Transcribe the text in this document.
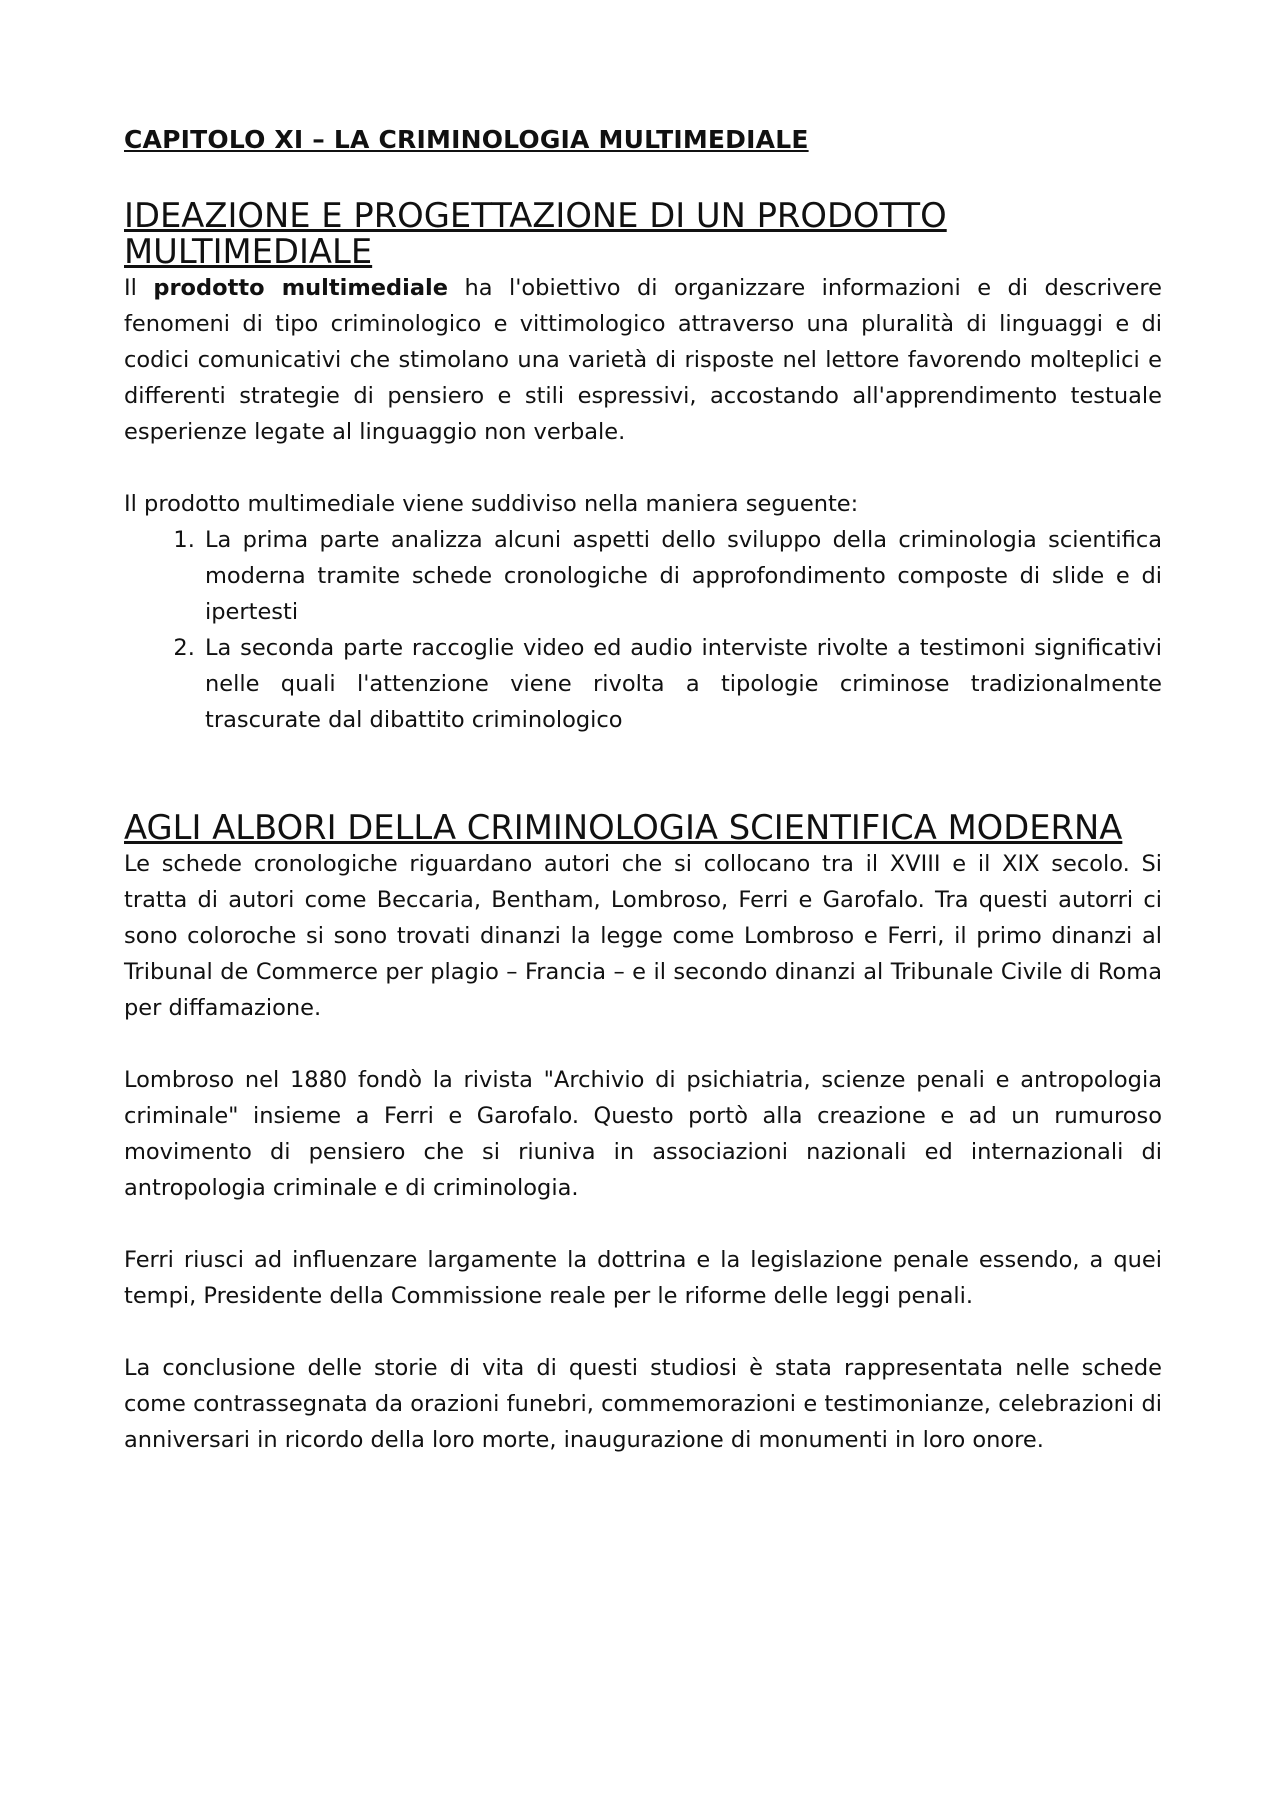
CAPITOLO XI – LA CRIMINOLOGIA MULTIMEDIALE
IDEAZIONE E PROGETTAZIONE DI UN PRODOTTO MULTIMEDIALE

Il prodotto multimediale ha l'obiettivo di organizzare informazioni e di descrivere fenomeni di tipo criminologico e vittimologico attraverso una pluralità di linguaggi e di codici comunicativi che stimolano una varietà di risposte nel lettore favorendo molteplici e differenti strategie di pensiero e stili espressivi, accostando all'apprendimento testuale esperienze legate al linguaggio non verbale.

Il prodotto multimediale viene suddiviso nella maniera seguente:

1. La prima parte analizza alcuni aspetti dello sviluppo della criminologia scientifica moderna tramite schede cronologiche di approfondimento composte di slide e di ipertesti
2. La seconda parte raccoglie video ed audio interviste rivolte a testimoni significativi nelle quali l'attenzione viene rivolta a tipologie criminose tradizionalmente trascurate dal dibattito criminologico
AGLI ALBORI DELLA CRIMINOLOGIA SCIENTIFICA MODERNA

Le schede cronologiche riguardano autori che si collocano tra il XVIII e il XIX secolo. Si tratta di autori come Beccaria, Bentham, Lombroso, Ferri e Garofalo. Tra questi autorri ci sono coloroche si sono trovati dinanzi la legge come Lombroso e Ferri, il primo dinanzi al Tribunal de Commerce per plagio – Francia – e il secondo dinanzi al Tribunale Civile di Roma per diffamazione.

Lombroso nel 1880 fondò la rivista "Archivio di psichiatria, scienze penali e antropologia criminale" insieme a Ferri e Garofalo. Questo portò alla creazione e ad un rumuroso movimento di pensiero che si riuniva in associazioni nazionali ed internazionali di antropologia criminale e di criminologia.

Ferri riusci ad influenzare largamente la dottrina e la legislazione penale essendo, a quei tempi, Presidente della Commissione reale per le riforme delle leggi penali.

La conclusione delle storie di vita di questi studiosi è stata rappresentata nelle schede come contrassegnata da orazioni funebri, commemorazioni e testimonianze, celebrazioni di anniversari in ricordo della loro morte, inaugurazione di monumenti in loro onore.
